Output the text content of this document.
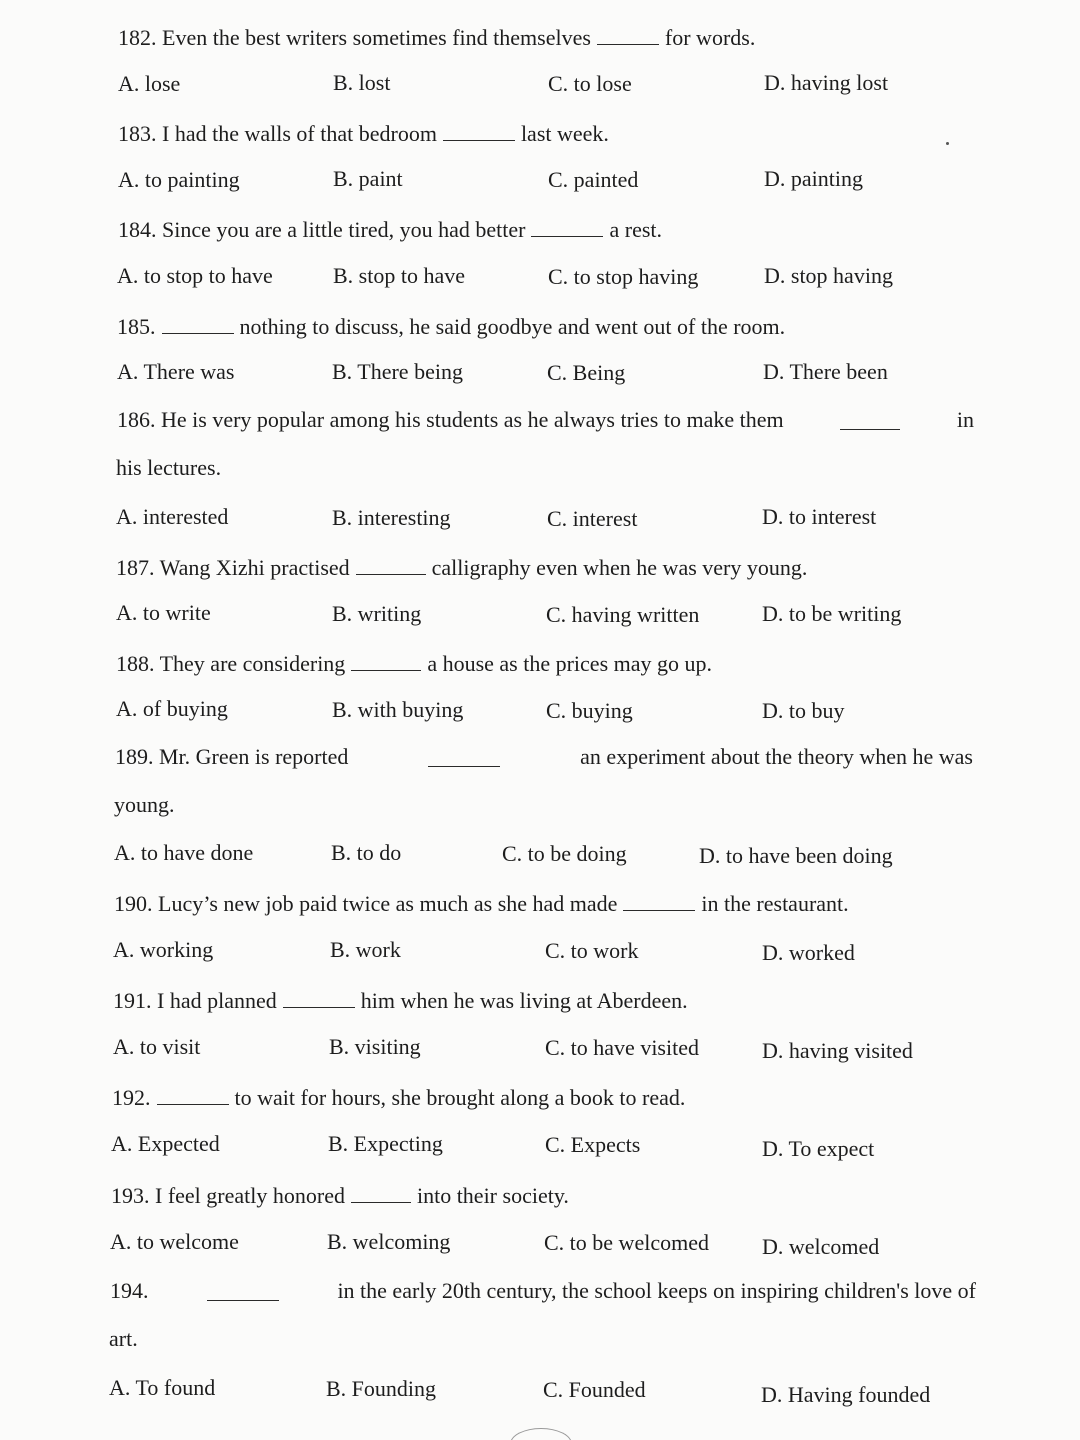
182. Even the best writers sometimes find themselves	for words.
A. lose	B. lost	C. to lose	D. having lost
183. I had the walls of that bedroom	last week.
A. to painting	B. paint	C. painted	D. painting
184. Since you are a little tired, you had better	a rest.
A. to stop to have	B. stop to have	C. to stop having	D. stop having
185.	nothing to discuss, he said goodbye and went out of the room.
A. There was	B. There being	C. Being	D. There been
186. He is very popular among his students as he always tries to make them	in
his lectures.
A. interested	B. interesting	C. interest	D. to interest
187. Wang Xizhi practised	calligraphy even when he was very young.
A. to write	B. writing	C. having written	D. to be writing
188. They are considering	a house as the prices may go up.
A. of buying	B. with buying	C. buying	D. to buy
189. Mr. Green is reported	an experiment about the theory when he was
young.
A. to have done	B. to do	C. to be doing	D. to have been doing
190. Lucy’s new job paid twice as much as she had made	in the restaurant.
A. working	B. work	C. to work	D. worked
191. I had planned	him when he was living at Aberdeen.
A. to visit	B. visiting	C. to have visited	D. having visited
192.	to wait for hours, she brought along a book to read.
A. Expected	B. Expecting	C. Expects	D. To expect
193. I feel greatly honored	into their society.
A. to welcome	B. welcoming	C. to be welcomed D. welcomed
194.	in the early 20th century, the school keeps on inspiring children's love of
art.
A. To found	B. Founding	C. Founded	D. Having founded
